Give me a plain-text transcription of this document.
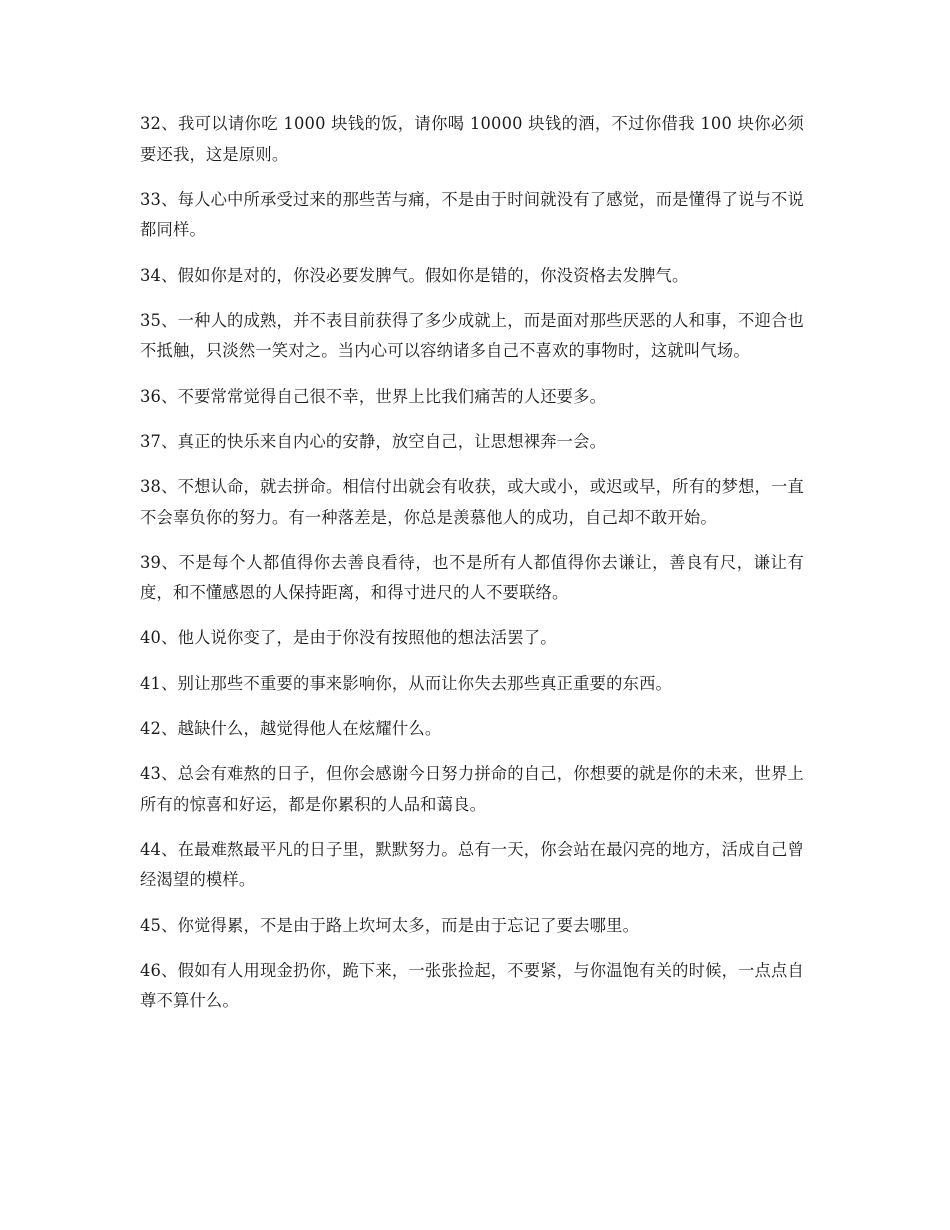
32、我可以请你吃 1000 块钱的饭，请你喝 10000 块钱的酒，不过你借我 100 块你必须要还我，这是原则。

33、每人心中所承受过来的那些苦与痛，不是由于时间就没有了感觉，而是懂得了说与不说都同样。

34、假如你是对的，你没必要发脾气。假如你是错的，你没资格去发脾气。

35、一种人的成熟，并不表目前获得了多少成就上，而是面对那些厌恶的人和事，不迎合也不抵触，只淡然一笑对之。当内心可以容纳诸多自己不喜欢的事物时，这就叫气场。

36、不要常常觉得自己很不幸，世界上比我们痛苦的人还要多。

37、真正的快乐来自内心的安静，放空自己，让思想裸奔一会。

38、不想认命，就去拼命。相信付出就会有收获，或大或小，或迟或早，所有的梦想，一直不会辜负你的努力。有一种落差是，你总是羡慕他人的成功，自己却不敢开始。

39、不是每个人都值得你去善良看待，也不是所有人都值得你去谦让，善良有尺，谦让有度，和不懂感恩的人保持距离，和得寸进尺的人不要联络。

40、他人说你变了，是由于你没有按照他的想法活罢了。

41、别让那些不重要的事来影响你，从而让你失去那些真正重要的东西。

42、越缺什么，越觉得他人在炫耀什么。

43、总会有难熬的日子，但你会感谢今日努力拼命的自己，你想要的就是你的未来，世界上所有的惊喜和好运，都是你累积的人品和蔼良。

44、在最难熬最平凡的日子里，默默努力。总有一天，你会站在最闪亮的地方，活成自己曾经渴望的模样。

45、你觉得累，不是由于路上坎坷太多，而是由于忘记了要去哪里。

46、假如有人用现金扔你，跪下来，一张张捡起，不要紧，与你温饱有关的时候，一点点自尊不算什么。
